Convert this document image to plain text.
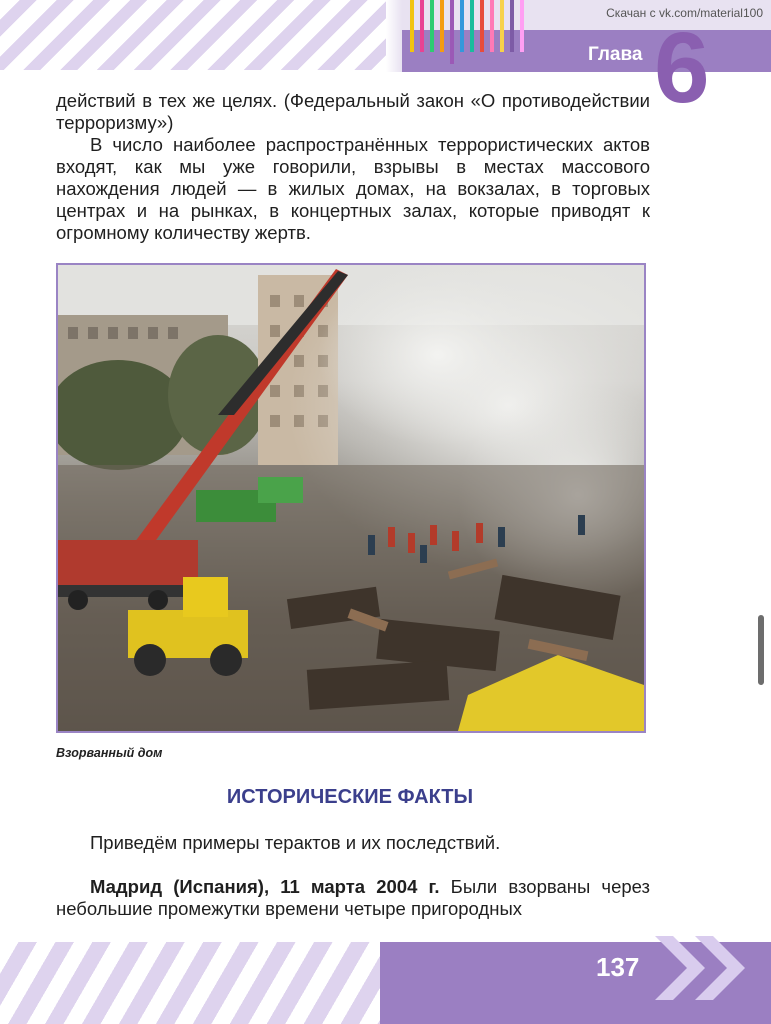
Скачан с vk.com/material100
Глава 6

действий в тех же целях. (Федеральный закон «О противодействии терроризму»)

В число наиболее распространённых террористических актов входят, как мы уже говорили, взрывы в местах массового нахождения людей — в жилых домах, на вокзалах, в торговых центрах и на рынках, в концертных залах, которые приводят к огромному количеству жертв.

Взорванный дом
ИСТОРИЧЕСКИЕ ФАКТЫ

Приведём примеры терактов и их последствий.

Мадрид (Испания), 11 марта 2004 г. Были взорваны через небольшие промежутки времени четыре пригородных

137
